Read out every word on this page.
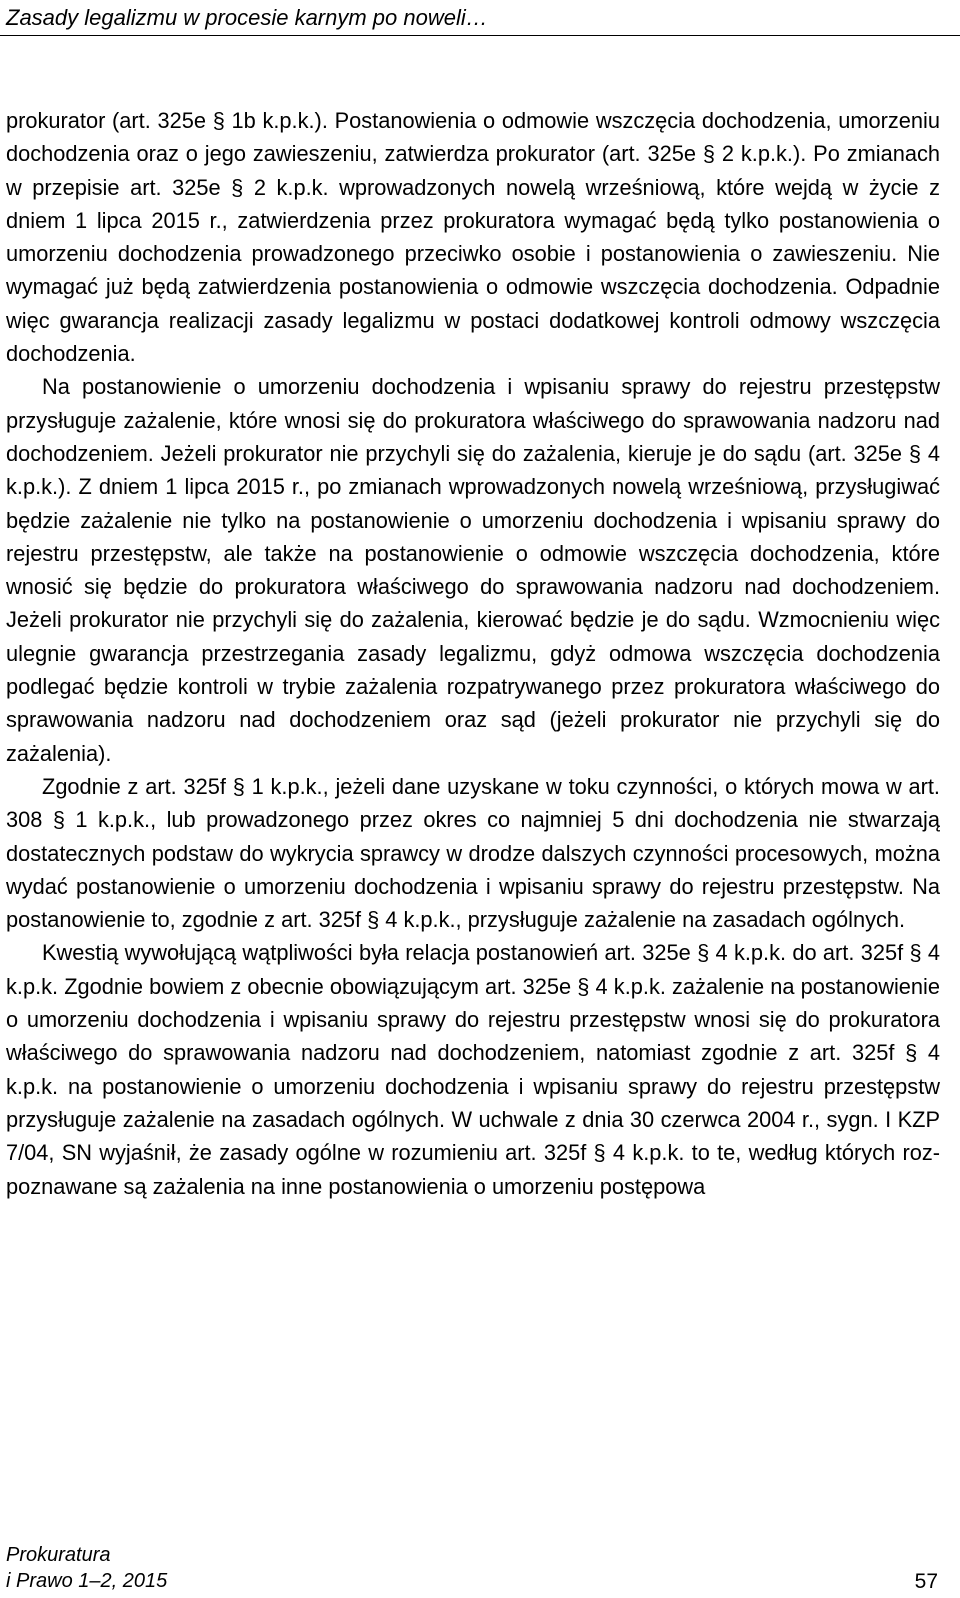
Zasady legalizmu w procesie karnym po noweli…

prokurator (art. 325e § 1b k.p.k.). Postanowienia o odmowie wszczęcia dochodzenia, umorzeniu dochodzenia oraz o jego zawieszeniu, zatwierdza prokurator (art. 325e § 2 k.p.k.). Po zmianach w przepisie art. 325e § 2 k.p.k. wprowadzonych nowelą wrześniową, które wejdą w życie z dniem 1 lipca 2015 r., zatwierdzenia przez prokuratora wymagać będą tylko postanowienia o umorzeniu dochodzenia prowadzonego przeciwko osobie i postanowienia o zawieszeniu. Nie wymagać już będą zatwierdzenia postanowienia o odmowie wszczęcia dochodzenia. Odpadnie więc gwarancja realizacji zasady legalizmu w postaci dodatkowej kontroli odmowy wszczęcia dochodzenia.

Na postanowienie o umorzeniu dochodzenia i wpisaniu sprawy do rejestru przestępstw przysługuje zażalenie, które wnosi się do prokuratora właściwego do sprawowania nadzoru nad dochodzeniem. Jeżeli prokurator nie przychyli się do zażalenia, kieruje je do sądu (art. 325e § 4 k.p.k.). Z dniem 1 lipca 2015 r., po zmianach wprowadzonych nowelą wrześniową, przysługiwać będzie zażalenie nie tylko na postanowienie o umorzeniu dochodzenia i wpisaniu sprawy do rejestru przestępstw, ale także na postanowienie o odmowie wszczęcia dochodzenia, które wnosić się będzie do prokuratora właściwego do sprawowania nadzoru nad dochodzeniem. Jeżeli prokurator nie przychyli się do zażalenia, kierować będzie je do sądu. Wzmocnieniu więc ulegnie gwarancja przestrzegania zasady legalizmu, gdyż odmowa wszczęcia dochodzenia podlegać będzie kontroli w trybie zażalenia rozpatrywanego przez prokuratora właściwego do sprawowania nadzoru nad dochodzeniem oraz sąd (jeżeli prokurator nie przychyli się do zażalenia).

Zgodnie z art. 325f § 1 k.p.k., jeżeli dane uzyskane w toku czynności, o których mowa w art. 308 § 1 k.p.k., lub prowadzonego przez okres co najmniej 5 dni dochodzenia nie stwarzają dostatecznych podstaw do wykrycia sprawcy w drodze dalszych czynności procesowych, można wydać postanowienie o umorzeniu dochodzenia i wpisaniu sprawy do rejestru przestępstw. Na postanowienie to, zgodnie z art. 325f § 4 k.p.k., przysługuje zażalenie na zasadach ogólnych.

Kwestią wywołującą wątpliwości była relacja postanowień art. 325e § 4 k.p.k. do art. 325f § 4 k.p.k. Zgodnie bowiem z obecnie obowiązującym art. 325e § 4 k.p.k. zażalenie na postanowienie o umorzeniu dochodzenia i wpisaniu sprawy do rejestru przestępstw wnosi się do prokuratora właściwego do sprawowania nadzoru nad dochodzeniem, natomiast zgodnie z art. 325f § 4 k.p.k. na postanowienie o umorzeniu dochodzenia i wpisaniu sprawy do rejestru przestępstw przysługuje zażalenie na zasadach ogólnych. W uchwale z dnia 30 czerwca 2004 r., sygn. I KZP 7/04, SN wyjaśnił, że zasady ogólne w rozumieniu art. 325f § 4 k.p.k. to te, według których rozpoznawane są zażalenia na inne postanowienia o umorzeniu postępowa

Prokuratura
i Prawo 1–2, 2015	57
